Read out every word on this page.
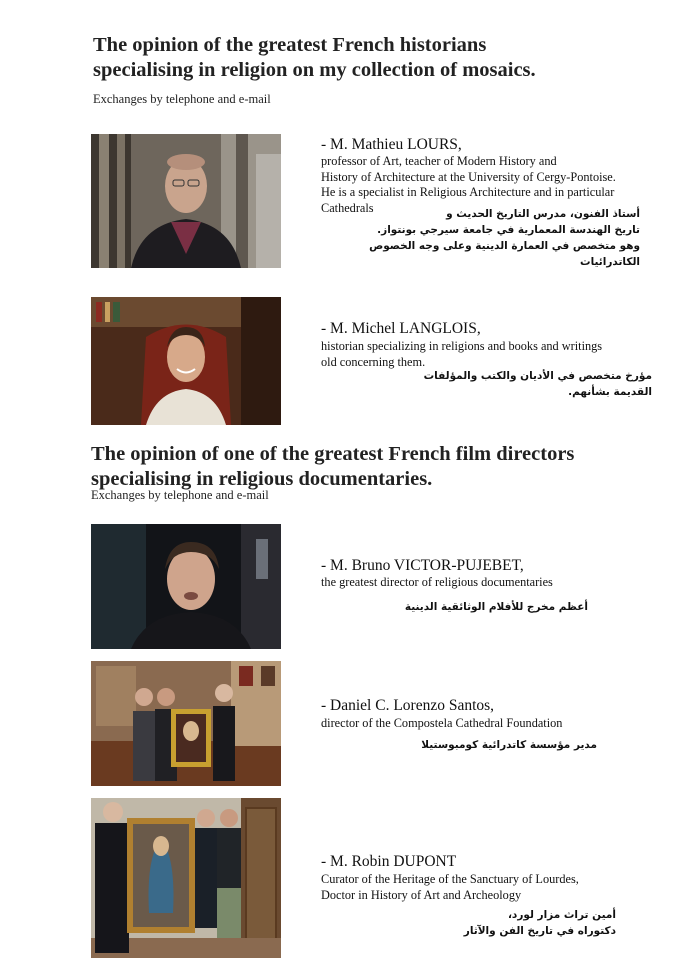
The opinion of the greatest French historians
specialising in religion on my collection of mosaics.
Exchanges by telephone and e-mail
- M. Mathieu LOURS,
professor of Art, teacher of Modern History and
History of Architecture at the University of Cergy-Pontoise.
He is a specialist in Religious Architecture and in particular
Cathedrals	أستاذ الفنون، مدرس التاريخ الحديث و
تاريخ الهندسة المعمارية في جامعة سيرجي بونتواز.
وهو متخصص في العمارة الدينية وعلى وجه الخصوص
الكاتدرائيات
- M. Michel LANGLOIS,
historian specializing in religions and books and writings
old concerning them.
مؤرخ متخصص في الأديان والكتب والمؤلفات
القديمة بشأنهم.
The opinion of one of the greatest French film directors
specialising in religious documentaries.
Exchanges by telephone and e-mail
- M. Bruno VICTOR-PUJEBET,
the greatest director of religious documentaries
أعظم مخرج للأفلام الوثائقية الدينية
- Daniel C. Lorenzo Santos,
director of the Compostela Cathedral Foundation
مدير مؤسسة كاتدرائية كومبوستيلا
- M. Robin DUPONT
Curator of the Heritage of the Sanctuary of Lourdes,
Doctor in History of Art and Archeology
أمين تراث مزار لورد،
دكتوراه في تاريخ الفن والآثار
